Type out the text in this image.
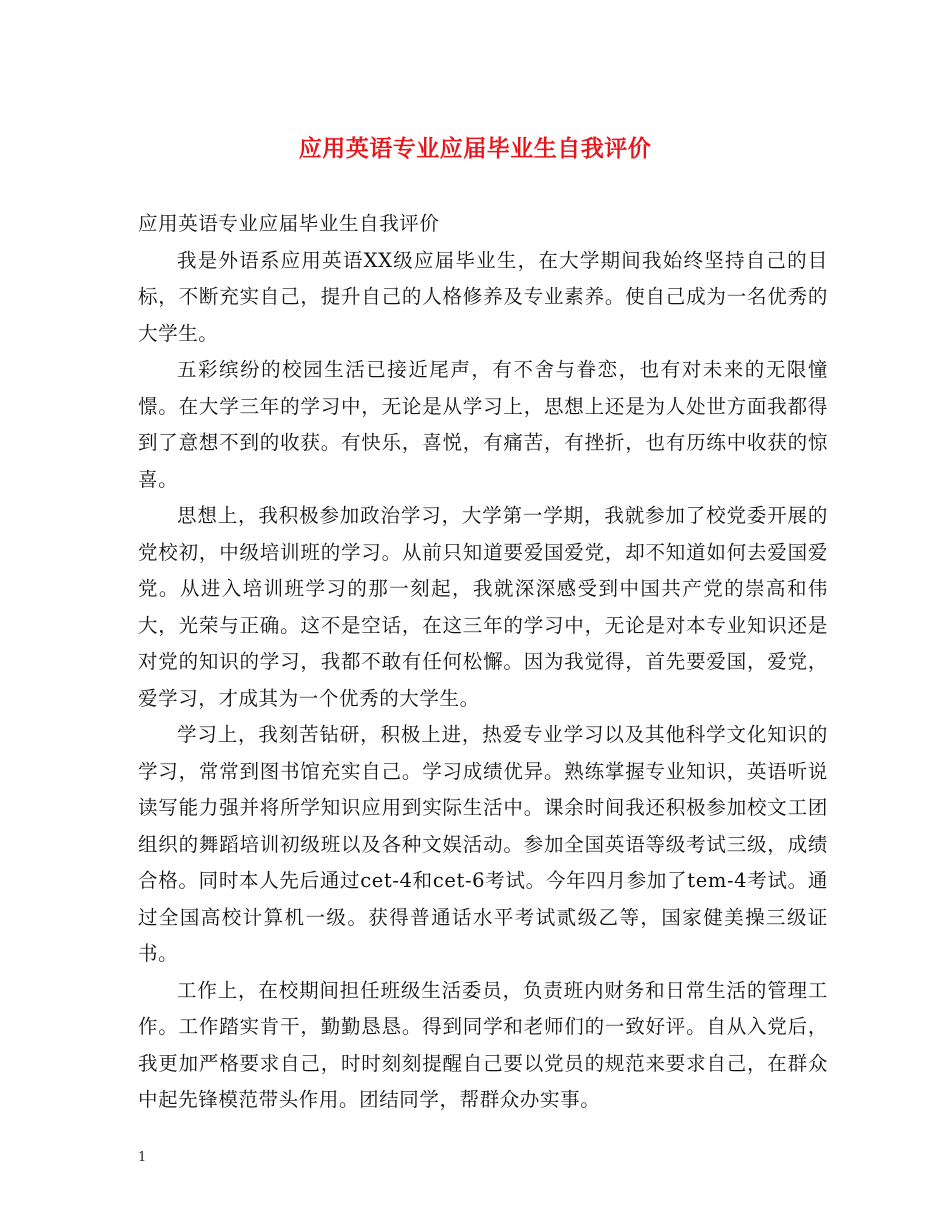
应用英语专业应届毕业生自我评价

应用英语专业应届毕业生自我评价

我是外语系应用英语XX级应届毕业生，在大学期间我始终坚持自己的目标，不断充实自己，提升自己的人格修养及专业素养。使自己成为一名优秀的大学生。

五彩缤纷的校园生活已接近尾声，有不舍与眷恋，也有对未来的无限憧憬。在大学三年的学习中，无论是从学习上，思想上还是为人处世方面我都得到了意想不到的收获。有快乐，喜悦，有痛苦，有挫折，也有历练中收获的惊喜。

思想上，我积极参加政治学习，大学第一学期，我就参加了校党委开展的党校初，中级培训班的学习。从前只知道要爱国爱党，却不知道如何去爱国爱党。从进入培训班学习的那一刻起，我就深深感受到中国共产党的崇高和伟大，光荣与正确。这不是空话，在这三年的学习中，无论是对本专业知识还是对党的知识的学习，我都不敢有任何松懈。因为我觉得，首先要爱国，爱党，爱学习，才成其为一个优秀的大学生。

学习上，我刻苦钻研，积极上进，热爱专业学习以及其他科学文化知识的学习，常常到图书馆充实自己。学习成绩优异。熟练掌握专业知识，英语听说读写能力强并将所学知识应用到实际生活中。课余时间我还积极参加校文工团组织的舞蹈培训初级班以及各种文娱活动。参加全国英语等级考试三级，成绩合格。同时本人先后通过cet-4和cet-6考试。今年四月参加了tem-4考试。通过全国高校计算机一级。获得普通话水平考试贰级乙等，国家健美操三级证书。

工作上，在校期间担任班级生活委员，负责班内财务和日常生活的管理工作。工作踏实肯干，勤勤恳恳。得到同学和老师们的一致好评。自从入党后，我更加严格要求自己，时时刻刻提醒自己要以党员的规范来要求自己，在群众中起先锋模范带头作用。团结同学，帮群众办实事。

1
